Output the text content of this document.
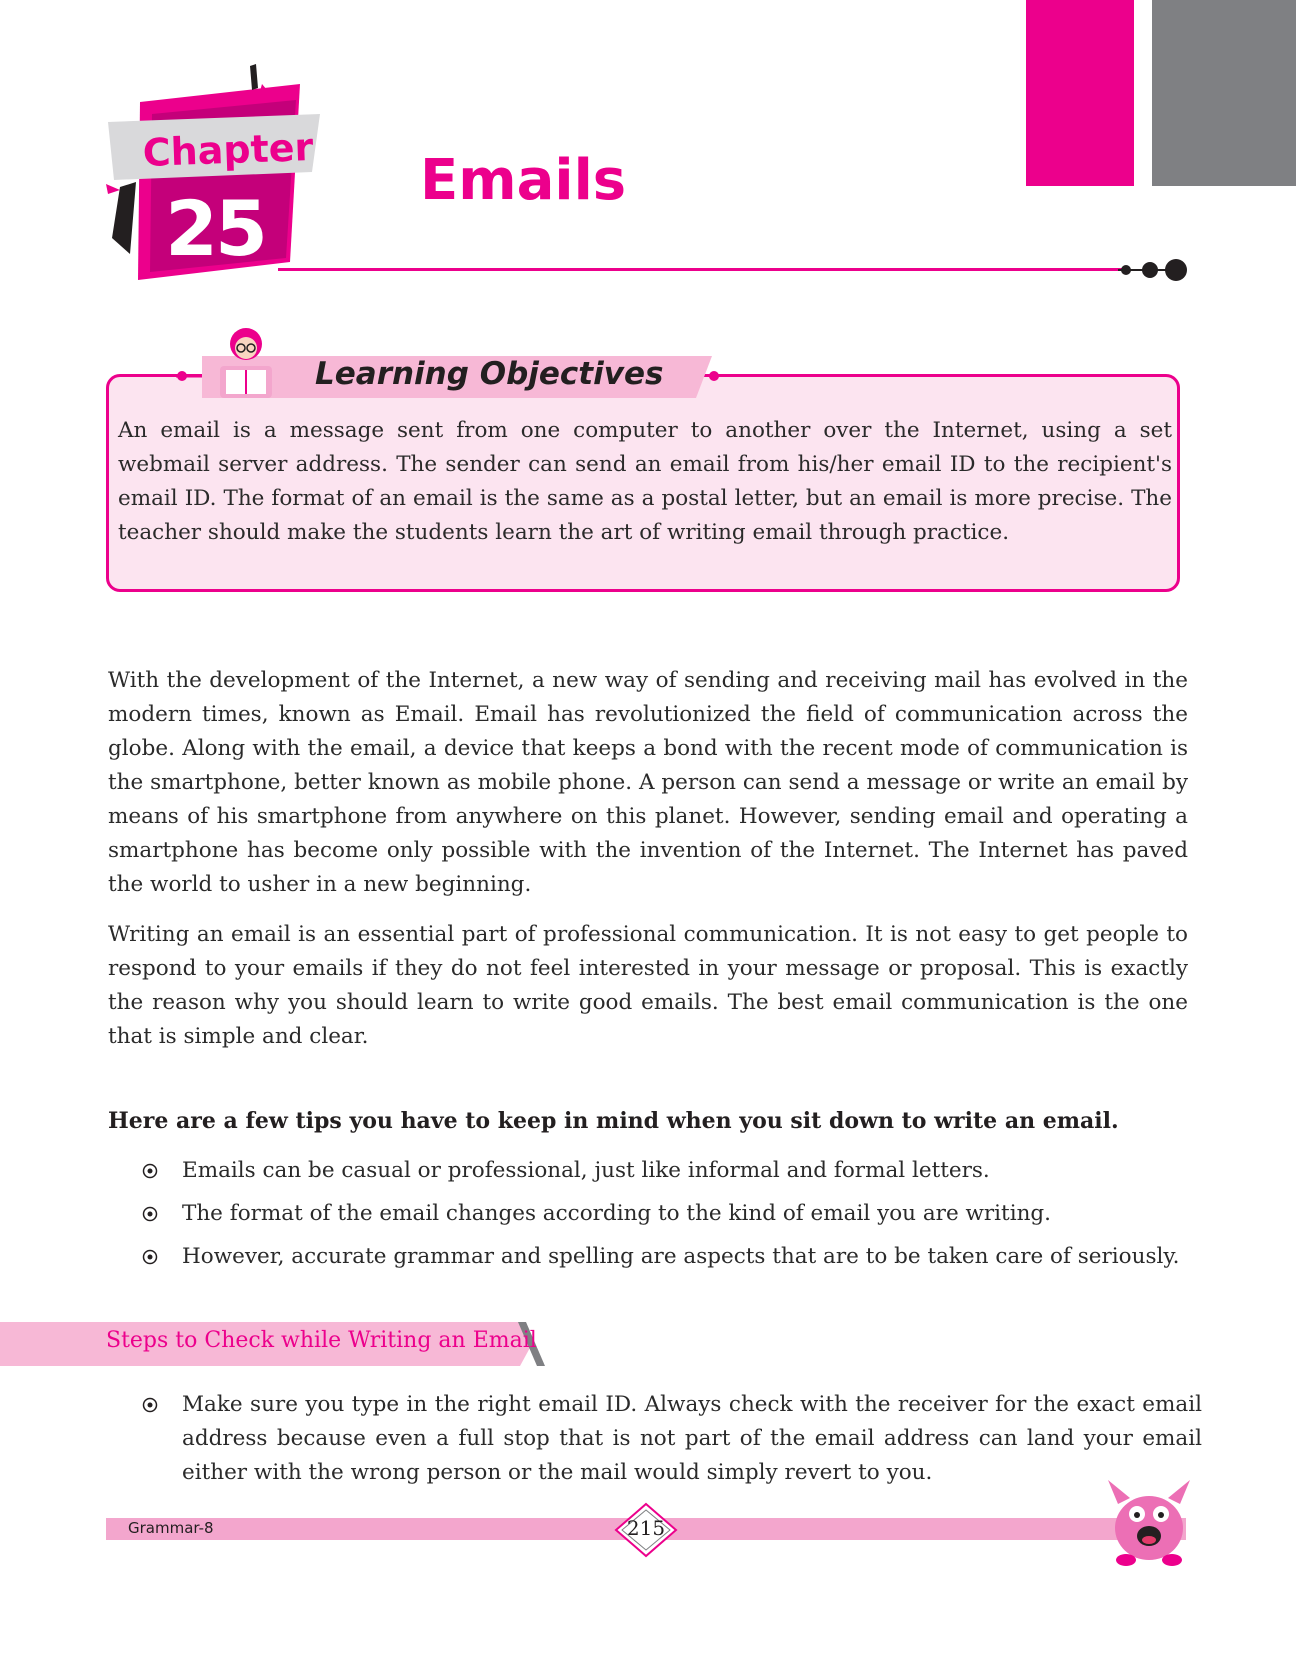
Chapter
25
Emails
Learning Objectives
An email is a message sent from one computer to another over the Internet, using a set webmail server address. The sender can send an email from his/her email ID to the recipient's email ID. The format of an email is the same as a postal letter, but an email is more precise. The teacher should make the students learn the art of writing email through practice.
With the development of the Internet, a new way of sending and receiving mail has evolved in the modern times, known as Email. Email has revolutionized the field of communication across the globe. Along with the email, a device that keeps a bond with the recent mode of communication is the smartphone, better known as mobile phone. A person can send a message or write an email by means of his smartphone from anywhere on this planet. However, sending email and operating a smartphone has become only possible with the invention of the Internet. The Internet has paved the world to usher in a new beginning.
Writing an email is an essential part of professional communication. It is not easy to get people to respond to your emails if they do not feel interested in your message or proposal. This is exactly the reason why you should learn to write good emails. The best email communication is the one that is simple and clear.
Here are a few tips you have to keep in mind when you sit down to write an email.
Emails can be casual or professional, just like informal and formal letters.
The format of the email changes according to the kind of email you are writing.
However, accurate grammar and spelling are aspects that are to be taken care of seriously.
Steps to Check while Writing an Email
Make sure you type in the right email ID. Always check with the receiver for the exact email address because even a full stop that is not part of the email address can land your email either with the wrong person or the mail would simply revert to you.
Grammar-8	215
